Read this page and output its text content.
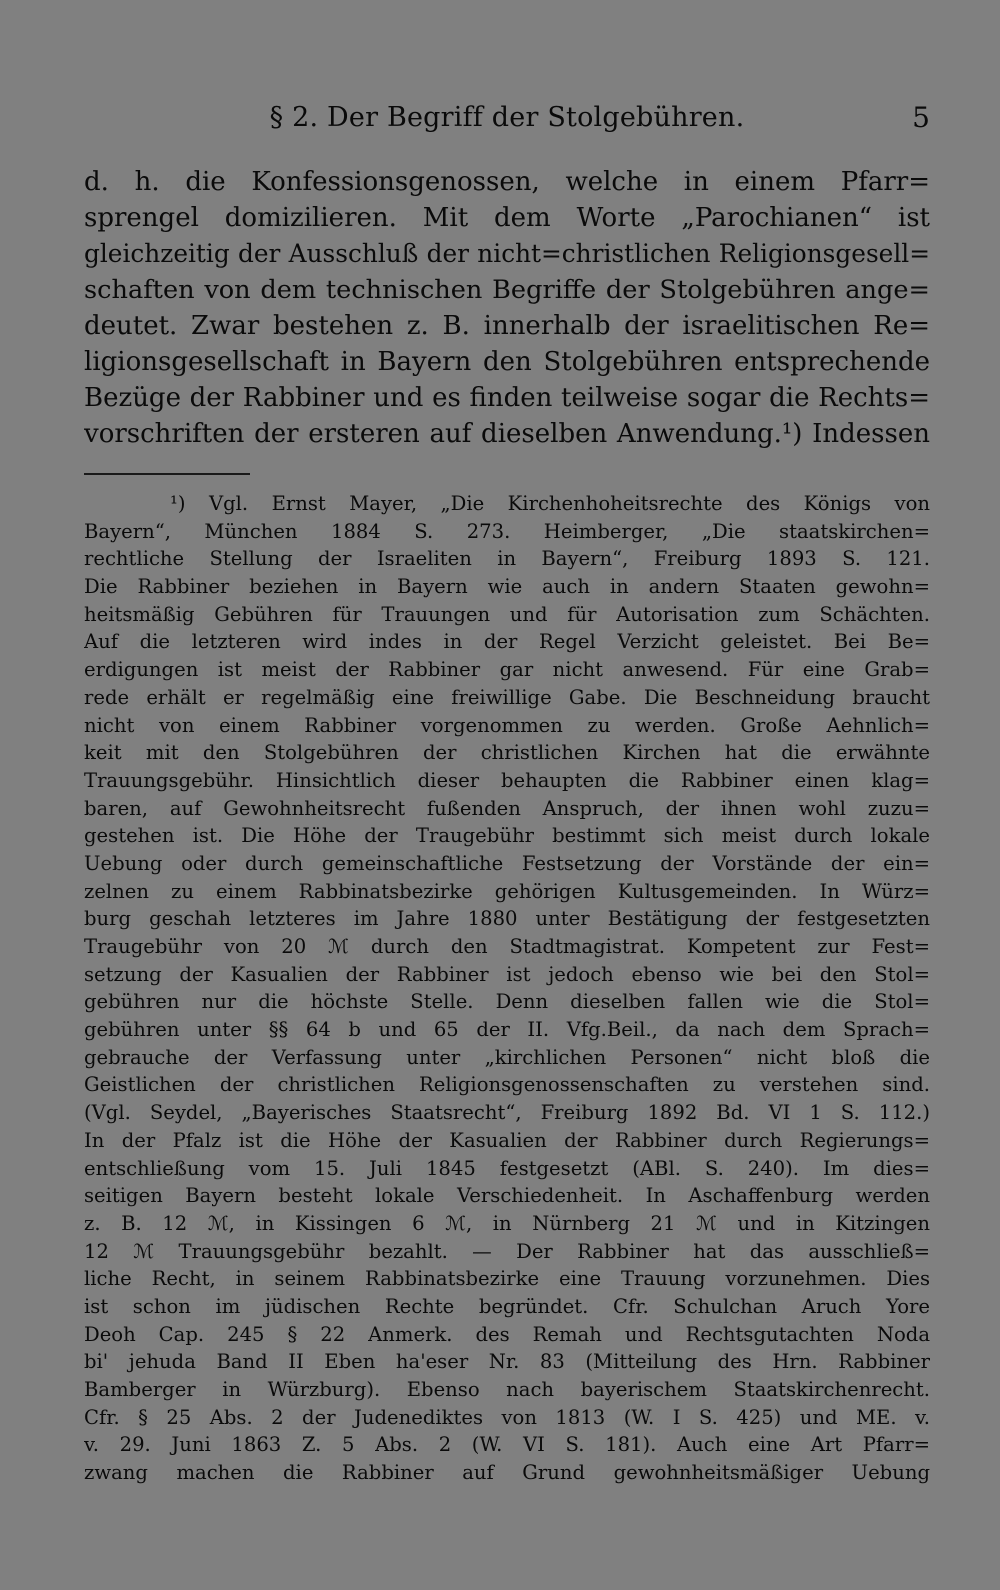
§ 2. Der Begriff der Stolgebühren.	5
d. h. die Konfessionsgenossen, welche in einem Pfarr=
sprengel domizilieren. Mit dem Worte „Parochianen“ ist
gleichzeitig der Ausschluß der nicht=christlichen Religionsgesell=
schaften von dem technischen Begriffe der Stolgebühren ange=
deutet. Zwar bestehen z. B. innerhalb der israelitischen Re=
ligionsgesellschaft in Bayern den Stolgebühren entsprechende
Bezüge der Rabbiner und es finden teilweise sogar die Rechts=
vorschriften der ersteren auf dieselben Anwendung.¹) Indessen
¹) Vgl. Ernst Mayer, „Die Kirchenhoheitsrechte des Königs von
Bayern“, München 1884 S. 273. Heimberger, „Die staatskirchen=
rechtliche Stellung der Israeliten in Bayern“, Freiburg 1893 S. 121.
Die Rabbiner beziehen in Bayern wie auch in andern Staaten gewohn=
heitsmäßig Gebühren für Trauungen und für Autorisation zum Schächten.
Auf die letzteren wird indes in der Regel Verzicht geleistet. Bei Be=
erdigungen ist meist der Rabbiner gar nicht anwesend. Für eine Grab=
rede erhält er regelmäßig eine freiwillige Gabe. Die Beschneidung braucht
nicht von einem Rabbiner vorgenommen zu werden. Große Aehnlich=
keit mit den Stolgebühren der christlichen Kirchen hat die erwähnte
Trauungsgebühr. Hinsichtlich dieser behaupten die Rabbiner einen klag=
baren, auf Gewohnheitsrecht fußenden Anspruch, der ihnen wohl zuzu=
gestehen ist. Die Höhe der Traugebühr bestimmt sich meist durch lokale
Uebung oder durch gemeinschaftliche Festsetzung der Vorstände der ein=
zelnen zu einem Rabbinatsbezirke gehörigen Kultusgemeinden. In Würz=
burg geschah letzteres im Jahre 1880 unter Bestätigung der festgesetzten
Traugebühr von 20 ℳ durch den Stadtmagistrat. Kompetent zur Fest=
setzung der Kasualien der Rabbiner ist jedoch ebenso wie bei den Stol=
gebühren nur die höchste Stelle. Denn dieselben fallen wie die Stol=
gebühren unter §§ 64 b und 65 der II. Vfg.Beil., da nach dem Sprach=
gebrauche der Verfassung unter „kirchlichen Personen“ nicht bloß die
Geistlichen der christlichen Religionsgenossenschaften zu verstehen sind.
(Vgl. Seydel, „Bayerisches Staatsrecht“, Freiburg 1892 Bd. VI 1 S. 112.)
In der Pfalz ist die Höhe der Kasualien der Rabbiner durch Regierungs=
entschließung vom 15. Juli 1845 festgesetzt (ABl. S. 240). Im dies=
seitigen Bayern besteht lokale Verschiedenheit. In Aschaffenburg werden
z. B. 12 ℳ, in Kissingen 6 ℳ, in Nürnberg 21 ℳ und in Kitzingen
12 ℳ Trauungsgebühr bezahlt. — Der Rabbiner hat das ausschließ=
liche Recht, in seinem Rabbinatsbezirke eine Trauung vorzunehmen. Dies
ist schon im jüdischen Rechte begründet. Cfr. Schulchan Aruch Yore
Deoh Cap. 245 § 22 Anmerk. des Remah und Rechtsgutachten Noda
bi' jehuda Band II Eben ha'eser Nr. 83 (Mitteilung des Hrn. Rabbiner
Bamberger in Würzburg). Ebenso nach bayerischem Staatskirchenrecht.
Cfr. § 25 Abs. 2 der Judenediktes von 1813 (W. I S. 425) und ME. v.
v. 29. Juni 1863 Z. 5 Abs. 2 (W. VI S. 181). Auch eine Art Pfarr=
zwang machen die Rabbiner auf Grund gewohnheitsmäßiger Uebung
